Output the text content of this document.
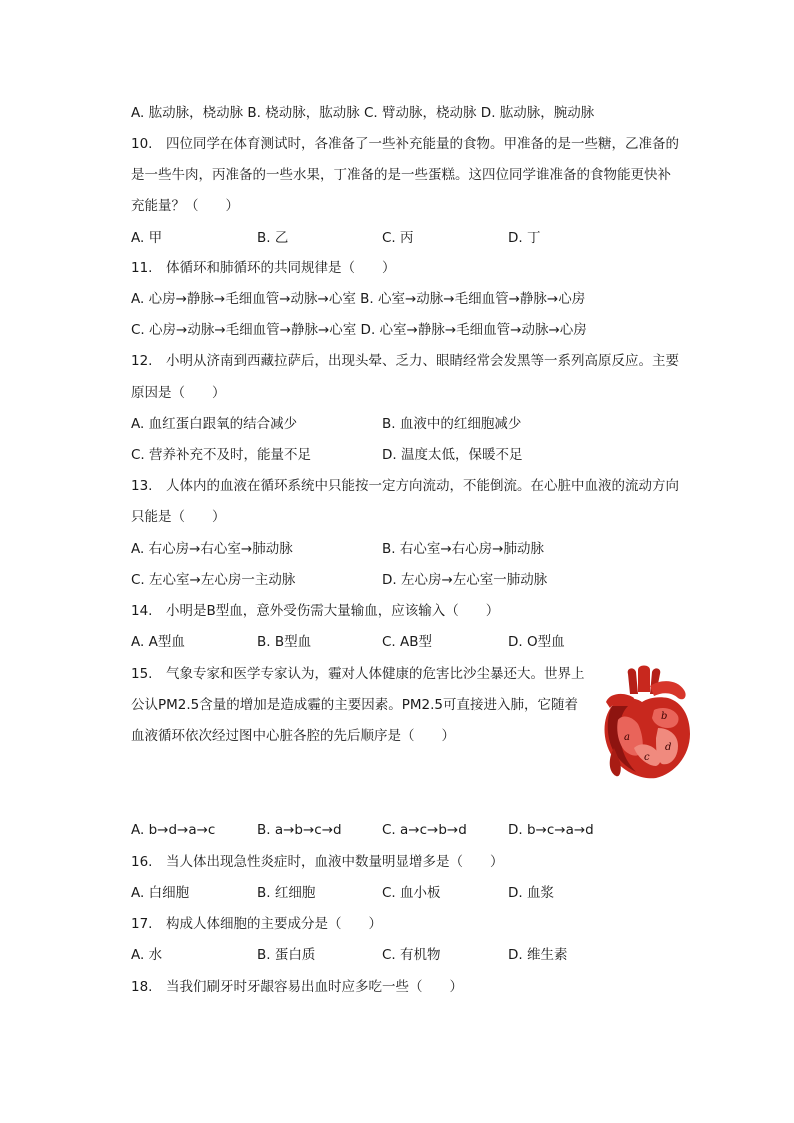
A. 肱动脉，桡动脉 B. 桡动脉，肱动脉 C. 臂动脉，桡动脉 D. 肱动脉，腕动脉
10.　四位同学在体育测试时，各准备了一些补充能量的食物。甲准备的是一些糖，乙准备的
是一些牛肉，丙准备的一些水果，丁准备的是一些蛋糕。这四位同学谁准备的食物能更快补
充能量？（　　）
A. 甲	B. 乙	C. 丙	D. 丁
11.　体循环和肺循环的共同规律是（　　）
A. 心房→静脉→毛细血管→动脉→心室 B. 心室→动脉→毛细血管→静脉→心房
C. 心房→动脉→毛细血管→静脉→心室 D. 心室→静脉→毛细血管→动脉→心房
12.　小明从济南到西藏拉萨后，出现头晕、乏力、眼睛经常会发黑等一系列高原反应。主要
原因是（　　）
A. 血红蛋白跟氧的结合减少	B. 血液中的红细胞减少
C. 营养补充不及时，能量不足	D. 温度太低，保暖不足
13.　人体内的血液在循环系统中只能按一定方向流动，不能倒流。在心脏中血液的流动方向
只能是（　　）
A. 右心房→右心室→肺动脉	B. 右心室→右心房→肺动脉
C. 左心室→左心房一主动脉	D. 左心房→左心室一肺动脉
14.　小明是B型血，意外受伤需大量输血，应该输入（　　）
A. A型血	B. B型血	C. AB型	D. O型血
15.　气象专家和医学专家认为，霾对人体健康的危害比沙尘暴还大。世界上
公认PM2.5含量的增加是造成霾的主要因素。PM2.5可直接进入肺，它随着
血液循环依次经过图中心脏各腔的先后顺序是（　　）	a
b
c
d
A. b→d→a→c	B. a→b→c→d	C. a→c→b→d	D. b→c→a→d
16.　当人体出现急性炎症时，血液中数量明显增多是（　　）
A. 白细胞	B. 红细胞	C. 血小板	D. 血浆
17.　构成人体细胞的主要成分是（　　）
A. 水	B. 蛋白质	C. 有机物	D. 维生素
18.　当我们刷牙时牙龈容易出血时应多吃一些（　　）
